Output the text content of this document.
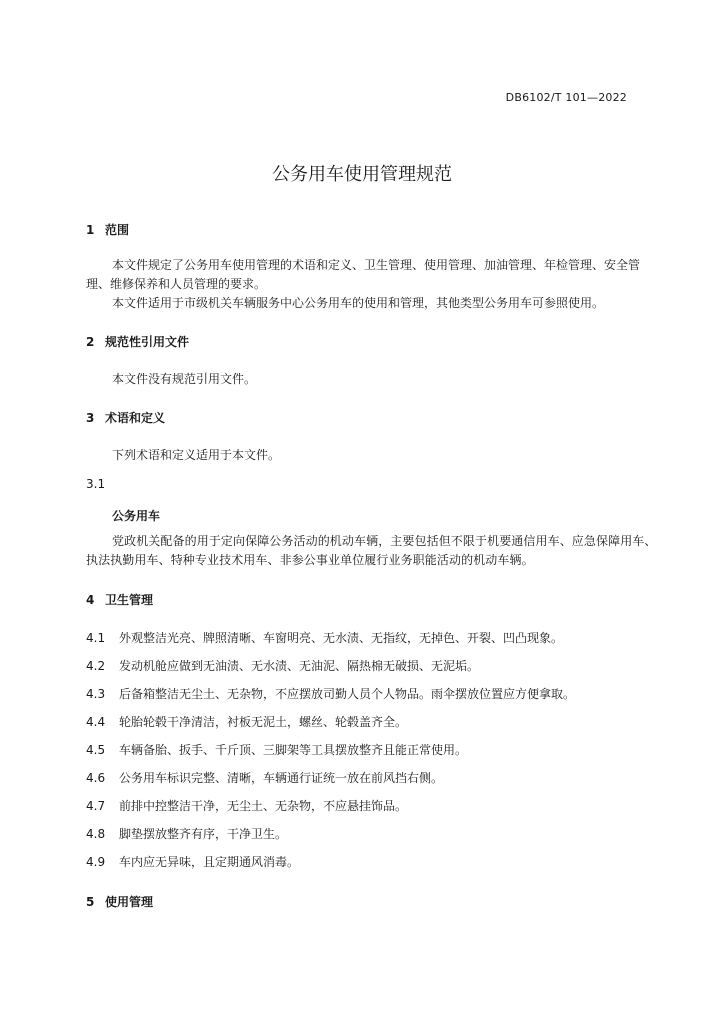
DB6102/T 101—2022
公务用车使用管理规范
1 范围
本文件规定了公务用车使用管理的术语和定义、卫生管理、使用管理、加油管理、年检管理、安全管理、维修保养和人员管理的要求。
本文件适用于市级机关车辆服务中心公务用车的使用和管理，其他类型公务用车可参照使用。
2 规范性引用文件
本文件没有规范引用文件。
3 术语和定义
下列术语和定义适用于本文件。
3.1
公务用车
党政机关配备的用于定向保障公务活动的机动车辆，主要包括但不限于机要通信用车、应急保障用车、执法执勤用车、特种专业技术用车、非参公事业单位履行业务职能活动的机动车辆。
4 卫生管理
4.1 外观整洁光亮、牌照清晰、车窗明亮、无水渍、无指纹，无掉色、开裂、凹凸现象。
4.2 发动机舱应做到无油渍、无水渍、无油泥、隔热棉无破损、无泥垢。
4.3 后备箱整洁无尘土、无杂物，不应摆放司勤人员个人物品。雨伞摆放位置应方便拿取。
4.4 轮胎轮毂干净清洁，衬板无泥土，螺丝、轮毂盖齐全。
4.5 车辆备胎、扳手、千斤顶、三脚架等工具摆放整齐且能正常使用。
4.6 公务用车标识完整、清晰，车辆通行证统一放在前风挡右侧。
4.7 前排中控整洁干净，无尘土、无杂物，不应悬挂饰品。
4.8 脚垫摆放整齐有序，干净卫生。
4.9 车内应无异味，且定期通风消毒。
5 使用管理
